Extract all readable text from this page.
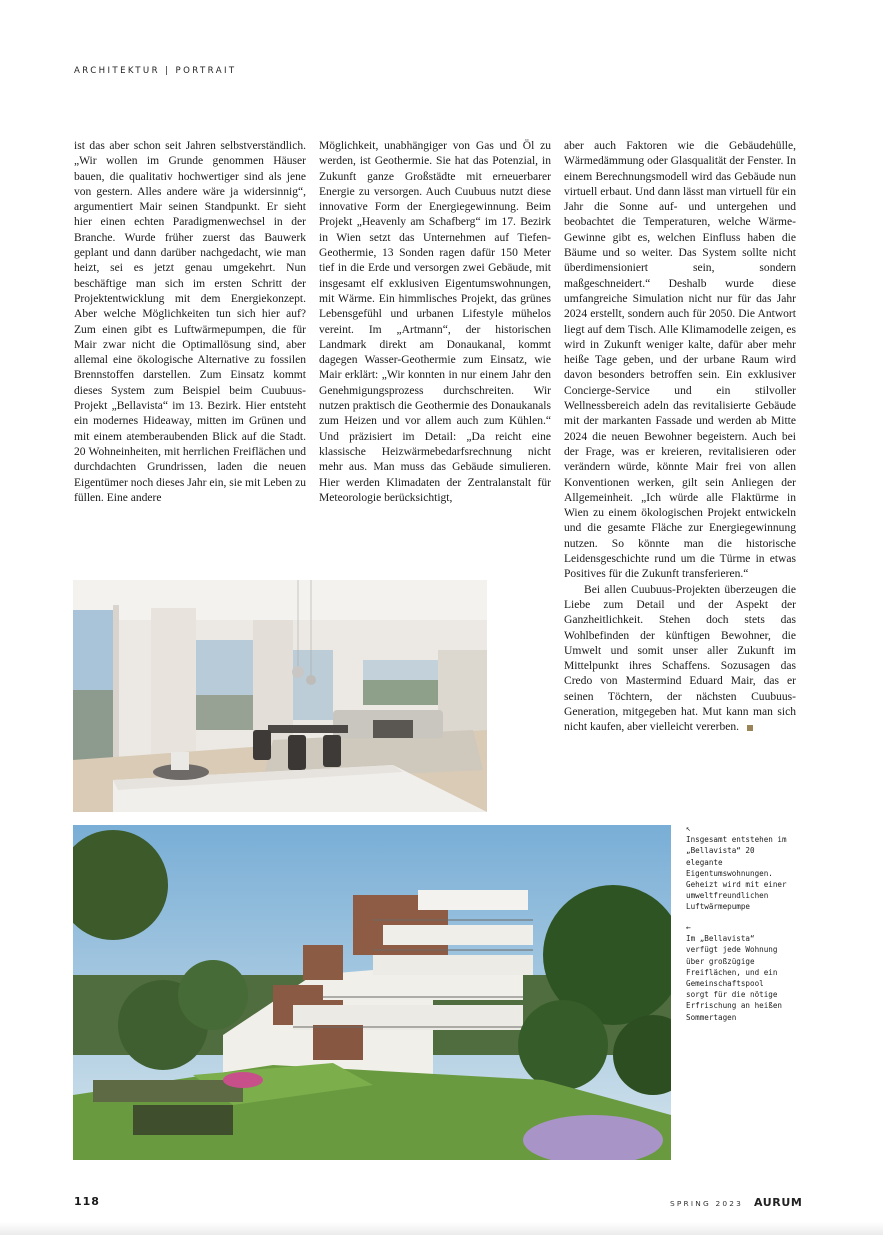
ARCHITEKTUR | PORTRAIT

ist das aber schon seit Jahren selbstverständlich. „Wir wollen im Grunde genommen Häuser bauen, die qualitativ hochwertiger sind als jene von gestern. Alles andere wäre ja widersinnig“, argumentiert Mair seinen Standpunkt. Er sieht hier einen echten Paradigmenwechsel in der Branche. Wurde früher zuerst das Bauwerk geplant und dann darüber nachgedacht, wie man heizt, sei es jetzt genau umgekehrt. Nun beschäftige man sich im ersten Schritt der Projektentwicklung mit dem Energiekonzept. Aber welche Möglichkeiten tun sich hier auf? Zum einen gibt es Luftwärmepumpen, die für Mair zwar nicht die Optimallösung sind, aber allemal eine ökologische Alternative zu fossilen Brennstoffen darstellen. Zum Einsatz kommt dieses System zum Beispiel beim Cuubuus-Projekt „Bellavista“ im 13. Bezirk. Hier entsteht ein modernes Hideaway, mitten im Grünen und mit einem atemberaubenden Blick auf die Stadt. 20 Wohneinheiten, mit herrlichen Freiflächen und durchdachten Grundrissen, laden die neuen Eigentümer noch dieses Jahr ein, sie mit Leben zu füllen. Eine andere

Möglichkeit, unabhängiger von Gas und Öl zu werden, ist Geothermie. Sie hat das Potenzial, in Zukunft ganze Großstädte mit erneuerbarer Energie zu versorgen. Auch Cuubuus nutzt diese innovative Form der Energiegewinnung. Beim Projekt „Heavenly am Schafberg“ im 17. Bezirk in Wien setzt das Unternehmen auf Tiefen-Geothermie, 13 Sonden ragen dafür 150 Meter tief in die Erde und versorgen zwei Gebäude, mit insgesamt elf exklusiven Eigentumswohnungen, mit Wärme. Ein himmlisches Projekt, das grünes Lebensgefühl und urbanen Lifestyle mühelos vereint. Im „Artmann“, der historischen Landmark direkt am Donaukanal, kommt dagegen Wasser-Geothermie zum Einsatz, wie Mair erklärt: „Wir konnten in nur einem Jahr den Genehmigungsprozess durchschreiten. Wir nutzen praktisch die Geothermie des Donaukanals zum Heizen und vor allem auch zum Kühlen.“ Und präzisiert im Detail: „Da reicht eine klassische Heizwärmebedarfsrechnung nicht mehr aus. Man muss das Gebäude simulieren. Hier werden Klimadaten der Zentralanstalt für Meteorologie berücksichtigt,

aber auch Faktoren wie die Gebäudehülle, Wärmedämmung oder Glasqualität der Fenster. In einem Berechnungsmodell wird das Gebäude nun virtuell erbaut. Und dann lässt man virtuell für ein Jahr die Sonne auf- und untergehen und beobachtet die Temperaturen, welche Wärme-Gewinne gibt es, welchen Einfluss haben die Bäume und so weiter. Das System sollte nicht überdimensioniert sein, sondern maßgeschneidert.“ Deshalb wurde diese umfangreiche Simulation nicht nur für das Jahr 2024 erstellt, sondern auch für 2050. Die Antwort liegt auf dem Tisch. Alle Klimamodelle zeigen, es wird in Zukunft weniger kalte, dafür aber mehr heiße Tage geben, und der urbane Raum wird davon besonders betroffen sein. Ein exklusiver Concierge-Service und ein stilvoller Wellnessbereich adeln das revitalisierte Gebäude mit der markanten Fassade und werden ab Mitte 2024 die neuen Bewohner begeistern. Auch bei der Frage, was er kreieren, revitalisieren oder verändern würde, könnte Mair frei von allen Konventionen werken, gilt sein Anliegen der Allgemeinheit. „Ich würde alle Flaktürme in Wien zu einem ökologischen Projekt entwickeln und die gesamte Fläche zur Energiegewinnung nutzen. So könnte man die historische Leidensgeschichte rund um die Türme in etwas Positives für die Zukunft transferieren.“

Bei allen Cuubuus-Projekten überzeugen die Liebe zum Detail und der Aspekt der Ganzheitlichkeit. Stehen doch stets das Wohlbefinden der künftigen Bewohner, die Umwelt und somit unser aller Zukunft im Mittelpunkt ihres Schaffens. Sozusagen das Credo von Mastermind Eduard Mair, das er seinen Töchtern, der nächsten Cuubuus-Generation, mitgegeben hat. Mut kann man sich nicht kaufen, aber vielleicht vererben.

↖
Insgesamt entstehen im „Bellavista“ 20 elegante Eigentumswohnungen. Geheizt wird mit einer umweltfreundlichen Luftwärmepumpe
←
Im „Bellavista“ verfügt jede Wohnung über großzügige Freiflächen, und ein Gemeinschaftspool sorgt für die nötige Erfrischung an heißen Sommertagen
118	SPRING 2023 AURUM
